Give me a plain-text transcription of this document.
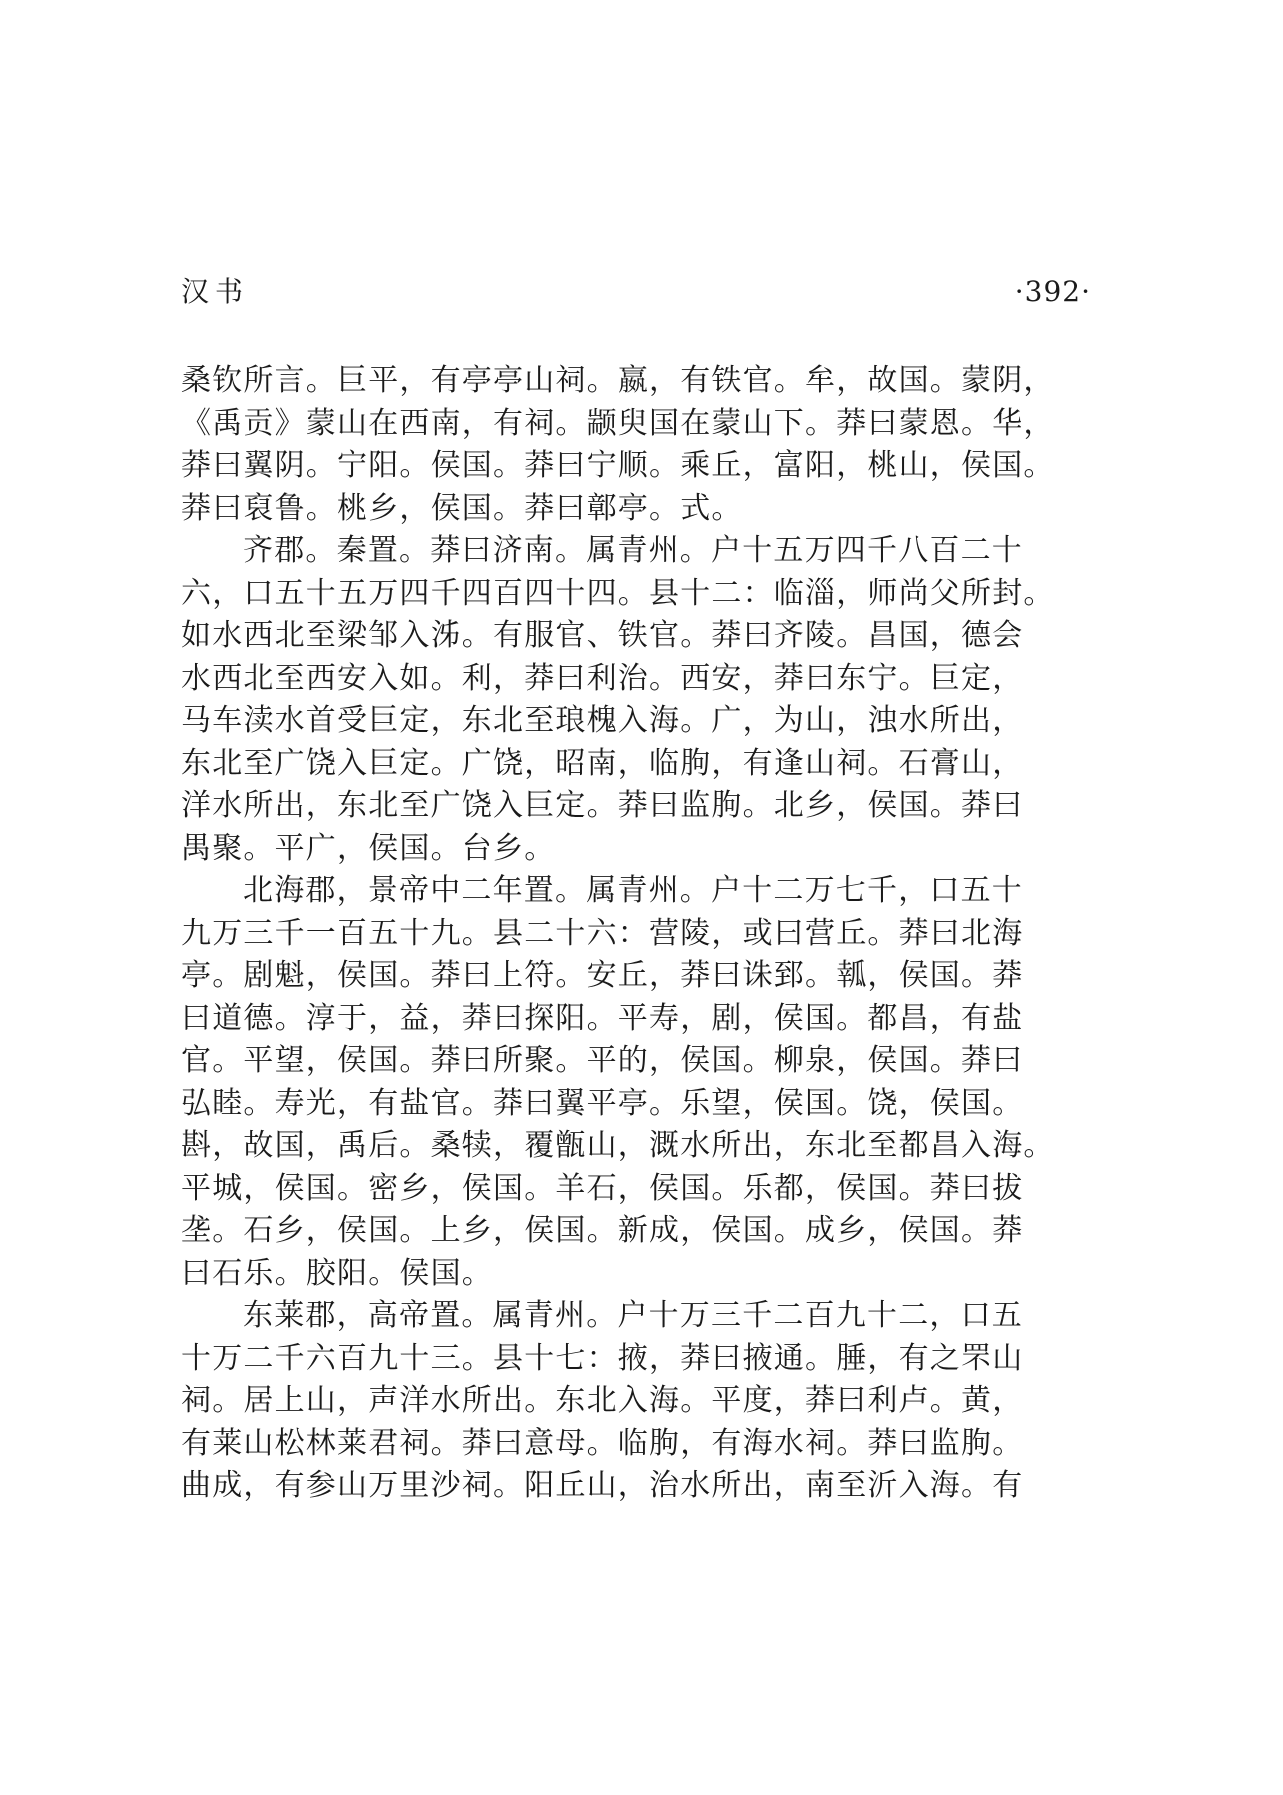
汉书	·392·
桑钦所言。巨平，有亭亭山祠。嬴，有铁官。牟，故国。蒙阴，
《禹贡》蒙山在西南，有祠。颛臾国在蒙山下。莽曰蒙恩。华，
莽曰翼阴。宁阳。侯国。莽曰宁顺。乘丘，富阳，桃山，侯国。
莽曰裒鲁。桃乡，侯国。莽曰鄣亭。式。
齐郡。秦置。莽曰济南。属青州。户十五万四千八百二十
六，口五十五万四千四百四十四。县十二：临淄，师尚父所封。
如水西北至梁邹入泲。有服官、铁官。莽曰齐陵。昌国，德会
水西北至西安入如。利，莽曰利治。西安，莽曰东宁。巨定，
马车渎水首受巨定，东北至琅槐入海。广，为山，浊水所出，
东北至广饶入巨定。广饶，昭南，临朐，有逢山祠。石膏山，
洋水所出，东北至广饶入巨定。莽曰监朐。北乡，侯国。莽曰
禺聚。平广，侯国。台乡。
北海郡，景帝中二年置。属青州。户十二万七千，口五十
九万三千一百五十九。县二十六：营陵，或曰营丘。莽曰北海
亭。剧魁，侯国。莽曰上符。安丘，莽曰诛郅。瓡，侯国。莽
曰道德。淳于，益，莽曰探阳。平寿，剧，侯国。都昌，有盐
官。平望，侯国。莽曰所聚。平的，侯国。柳泉，侯国。莽曰
弘睦。寿光，有盐官。莽曰翼平亭。乐望，侯国。饶，侯国。
斟，故国，禹后。桑犊，覆甑山，溉水所出，东北至都昌入海。
平城，侯国。密乡，侯国。羊石，侯国。乐都，侯国。莽曰拔
垄。石乡，侯国。上乡，侯国。新成，侯国。成乡，侯国。莽
曰石乐。胶阳。侯国。
东莱郡，高帝置。属青州。户十万三千二百九十二，口五
十万二千六百九十三。县十七：掖，莽曰掖通。腄，有之罘山
祠。居上山，声洋水所出。东北入海。平度，莽曰利卢。黄，
有莱山松林莱君祠。莽曰意母。临朐，有海水祠。莽曰监朐。
曲成，有参山万里沙祠。阳丘山，治水所出，南至沂入海。有
